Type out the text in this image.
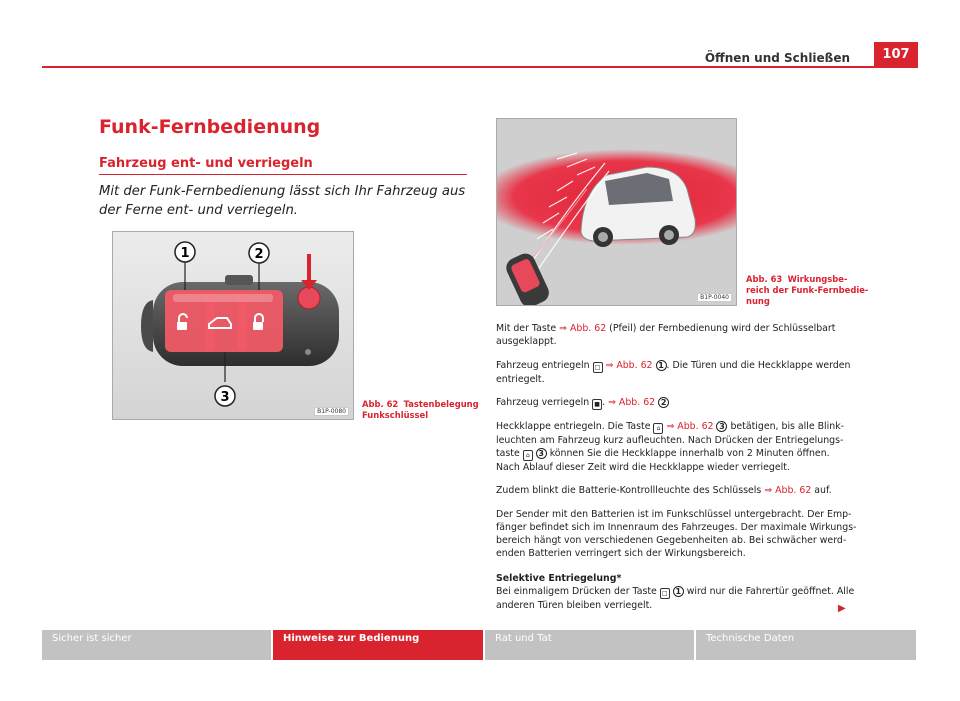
Öffnen und Schließen	107
Funk-Fernbedienung
Fahrzeug ent- und verriegeln
Mit der Funk-Fernbedienung lässt sich Ihr Fahrzeug aus der Ferne ent- und verriegeln.
1	2
3
B1P-0080
Abb. 62 Tastenbelegung
Funkschlüssel
B1P-0040
Abb. 63 Wirkungsbe-
reich der Funk-Fernbedie-
nung
Mit der Taste ⇒ Abb. 62 (Pfeil) der Fernbedienung wird der Schlüsselbart
ausgeklappt.
Fahrzeug entriegeln □ ⇒ Abb. 62 1 . Die Türen und die Heckklappe werden
entriegelt.
Fahrzeug verriegeln ■ . ⇒ Abb. 62 2
Heckklappe entriegeln. Die Taste ⌂ ⇒ Abb. 62 3 betätigen, bis alle Blink-
leuchten am Fahrzeug kurz aufleuchten. Nach Drücken der Entriegelungs-
taste ⌂ 3 können Sie die Heckklappe innerhalb von 2 Minuten öffnen.
Nach Ablauf dieser Zeit wird die Heckklappe wieder verriegelt.
Zudem blinkt die Batterie-Kontrollleuchte des Schlüssels ⇒ Abb. 62 auf.
Der Sender mit den Batterien ist im Funkschlüssel untergebracht. Der Emp-
fänger befindet sich im Innenraum des Fahrzeuges. Der maximale Wirkungs-
bereich hängt von verschiedenen Gegebenheiten ab. Bei schwächer werd-
enden Batterien verringert sich der Wirkungsbereich.
Selektive Entriegelung*
Bei einmaligem Drücken der Taste □ 1 wird nur die Fahrertür geöffnet. Alle
anderen Türen bleiben verriegelt.	▶
Sicher ist sicher	Hinweise zur Bedienung	Rat und Tat	Technische Daten
